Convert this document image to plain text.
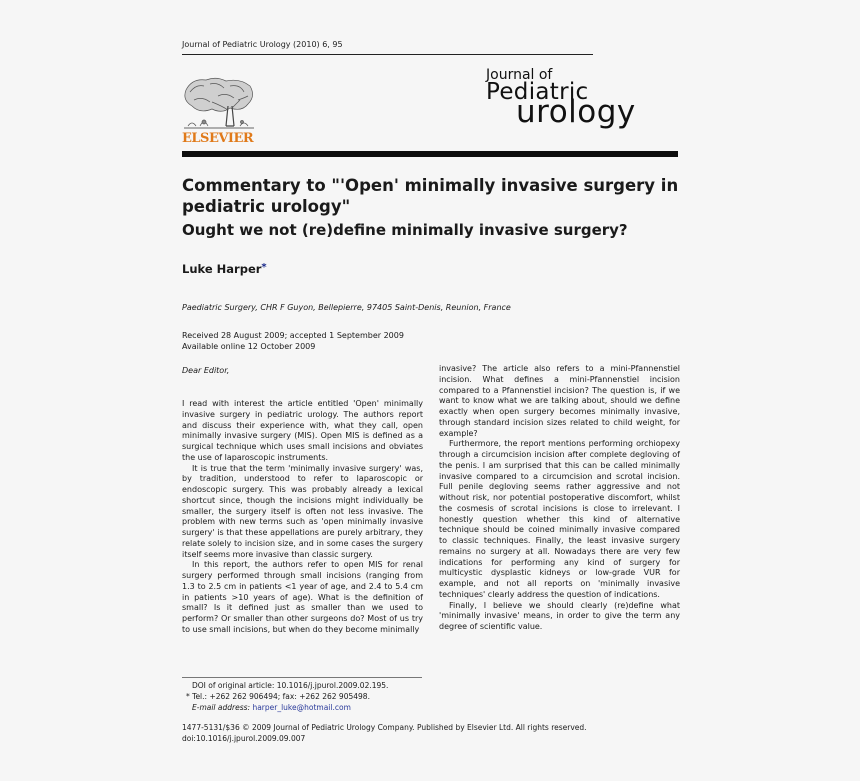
Journal of Pediatric Urology (2010) 6, 95
ELSEVIER
Journal of
Pediatric
urology
Commentary to "'Open' minimally invasive surgery in pediatric urology"
Ought we not (re)define minimally invasive surgery?
Luke Harper*
Paediatric Surgery, CHR F Guyon, Bellepierre, 97405 Saint-Denis, Reunion, France
Received 28 August 2009; accepted 1 September 2009
Available online 12 October 2009
Dear Editor,

I read with interest the article entitled 'Open' minimally invasive surgery in pediatric urology. The authors report and discuss their experience with, what they call, open minimally invasive surgery (MIS). Open MIS is defined as a surgical technique which uses small incisions and obviates the use of laparoscopic instruments.

It is true that the term 'minimally invasive surgery' was, by tradition, understood to refer to laparoscopic or endoscopic surgery. This was probably already a lexical shortcut since, though the incisions might individually be smaller, the surgery itself is often not less invasive. The problem with new terms such as 'open minimally invasive surgery' is that these appellations are purely arbitrary, they relate solely to incision size, and in some cases the surgery itself seems more invasive than classic surgery.

In this report, the authors refer to open MIS for renal surgery performed through small incisions (ranging from 1.3 to 2.5 cm in patients <1 year of age, and 2.4 to 5.4 cm in patients >10 years of age). What is the definition of small? Is it defined just as smaller than we used to perform? Or smaller than other surgeons do? Most of us try to use small incisions, but when do they become minimally

invasive? The article also refers to a mini-Pfannenstiel incision. What defines a mini-Pfannenstiel incision compared to a Pfannenstiel incision? The question is, if we want to know what we are talking about, should we define exactly when open surgery becomes minimally invasive, through standard incision sizes related to child weight, for example?

Furthermore, the report mentions performing orchiopexy through a circumcision incision after complete degloving of the penis. I am surprised that this can be called minimally invasive compared to a circumcision and scrotal incision. Full penile degloving seems rather aggressive and not without risk, nor potential postoperative discomfort, whilst the cosmesis of scrotal incisions is close to irrelevant. I honestly question whether this kind of alternative technique should be coined minimally invasive compared to classic techniques. Finally, the least invasive surgery remains no surgery at all. Nowadays there are very few indications for performing any kind of surgery for multicystic dysplastic kidneys or low-grade VUR for example, and not all reports on 'minimally invasive techniques' clearly address the question of indications.

Finally, I believe we should clearly (re)define what 'minimally invasive' means, in order to give the term any degree of scientific value.

DOI of original article: 10.1016/j.jpurol.2009.02.195.
* Tel.: +262 262 906494; fax: +262 262 905498.
E-mail address: harper_luke@hotmail.com
1477-5131/$36 © 2009 Journal of Pediatric Urology Company. Published by Elsevier Ltd. All rights reserved.
doi:10.1016/j.jpurol.2009.09.007
